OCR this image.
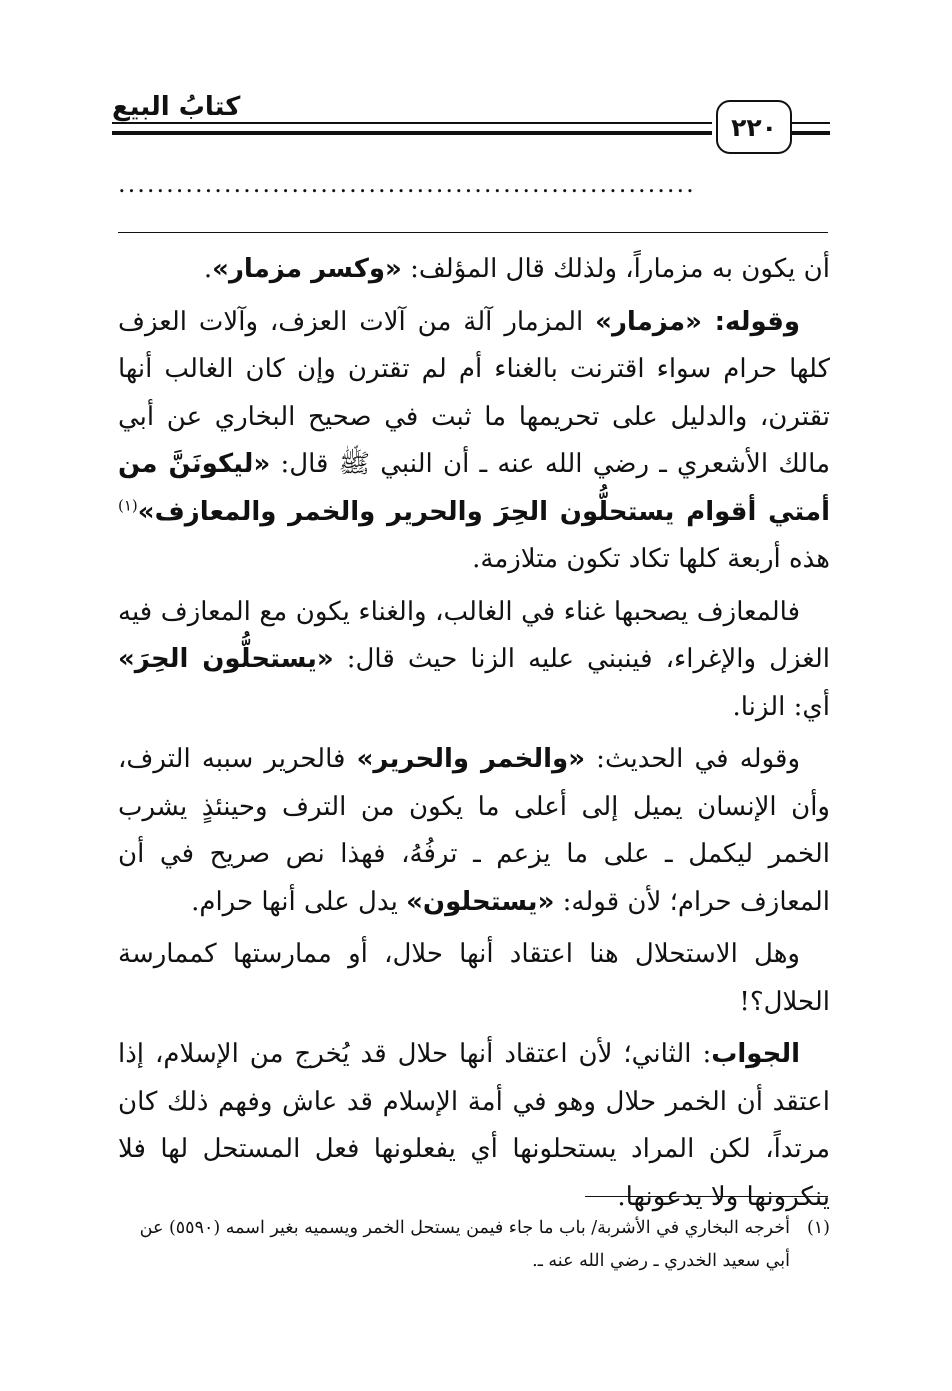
كتابُ البيع
٢٢٠
............................................................

أن يكون به مزماراً، ولذلك قال المؤلف: «وكسر مزمار».

وقوله: «مزمار» المزمار آلة من آلات العزف، وآلات العزف كلها حرام سواء اقترنت بالغناء أم لم تقترن وإن كان الغالب أنها تقترن، والدليل على تحريمها ما ثبت في صحيح البخاري عن أبي مالك الأشعري ـ رضي الله عنه ـ أن النبي ﷺ قال: «ليكونَنَّ من أمتي أقوام يستحلُّون الحِرَ والحرير والخمر والمعازف»$^{(١)}$ هذه أربعة كلها تكاد تكون متلازمة.

فالمعازف يصحبها غناء في الغالب، والغناء يكون مع المعازف فيه الغزل والإغراء، فينبني عليه الزنا حيث قال: «يستحلُّون الحِرَ» أي: الزنا.

وقوله في الحديث: «والخمر والحرير» فالحرير سببه الترف، وأن الإنسان يميل إلى أعلى ما يكون من الترف وحينئذٍ يشرب الخمر ليكمل ـ على ما يزعم ـ ترفُهُ، فهذا نص صريح في أن المعازف حرام؛ لأن قوله: «يستحلون» يدل على أنها حرام.

وهل الاستحلال هنا اعتقاد أنها حلال، أو ممارستها كممارسة الحلال؟!

الجواب: الثاني؛ لأن اعتقاد أنها حلال قد يُخرج من الإسلام، إذا اعتقد أن الخمر حلال وهو في أمة الإسلام قد عاش وفهم ذلك كان مرتداً، لكن المراد يستحلونها أي يفعلونها فعل المستحل لها فلا ينكرونها ولا يدعونها.

(١)
أخرجه البخاري في الأشربة/ باب ما جاء فيمن يستحل الخمر ويسميه بغير اسمه (٥٥٩٠) عن أبي سعيد الخدري ـ رضي الله عنه ـ.
